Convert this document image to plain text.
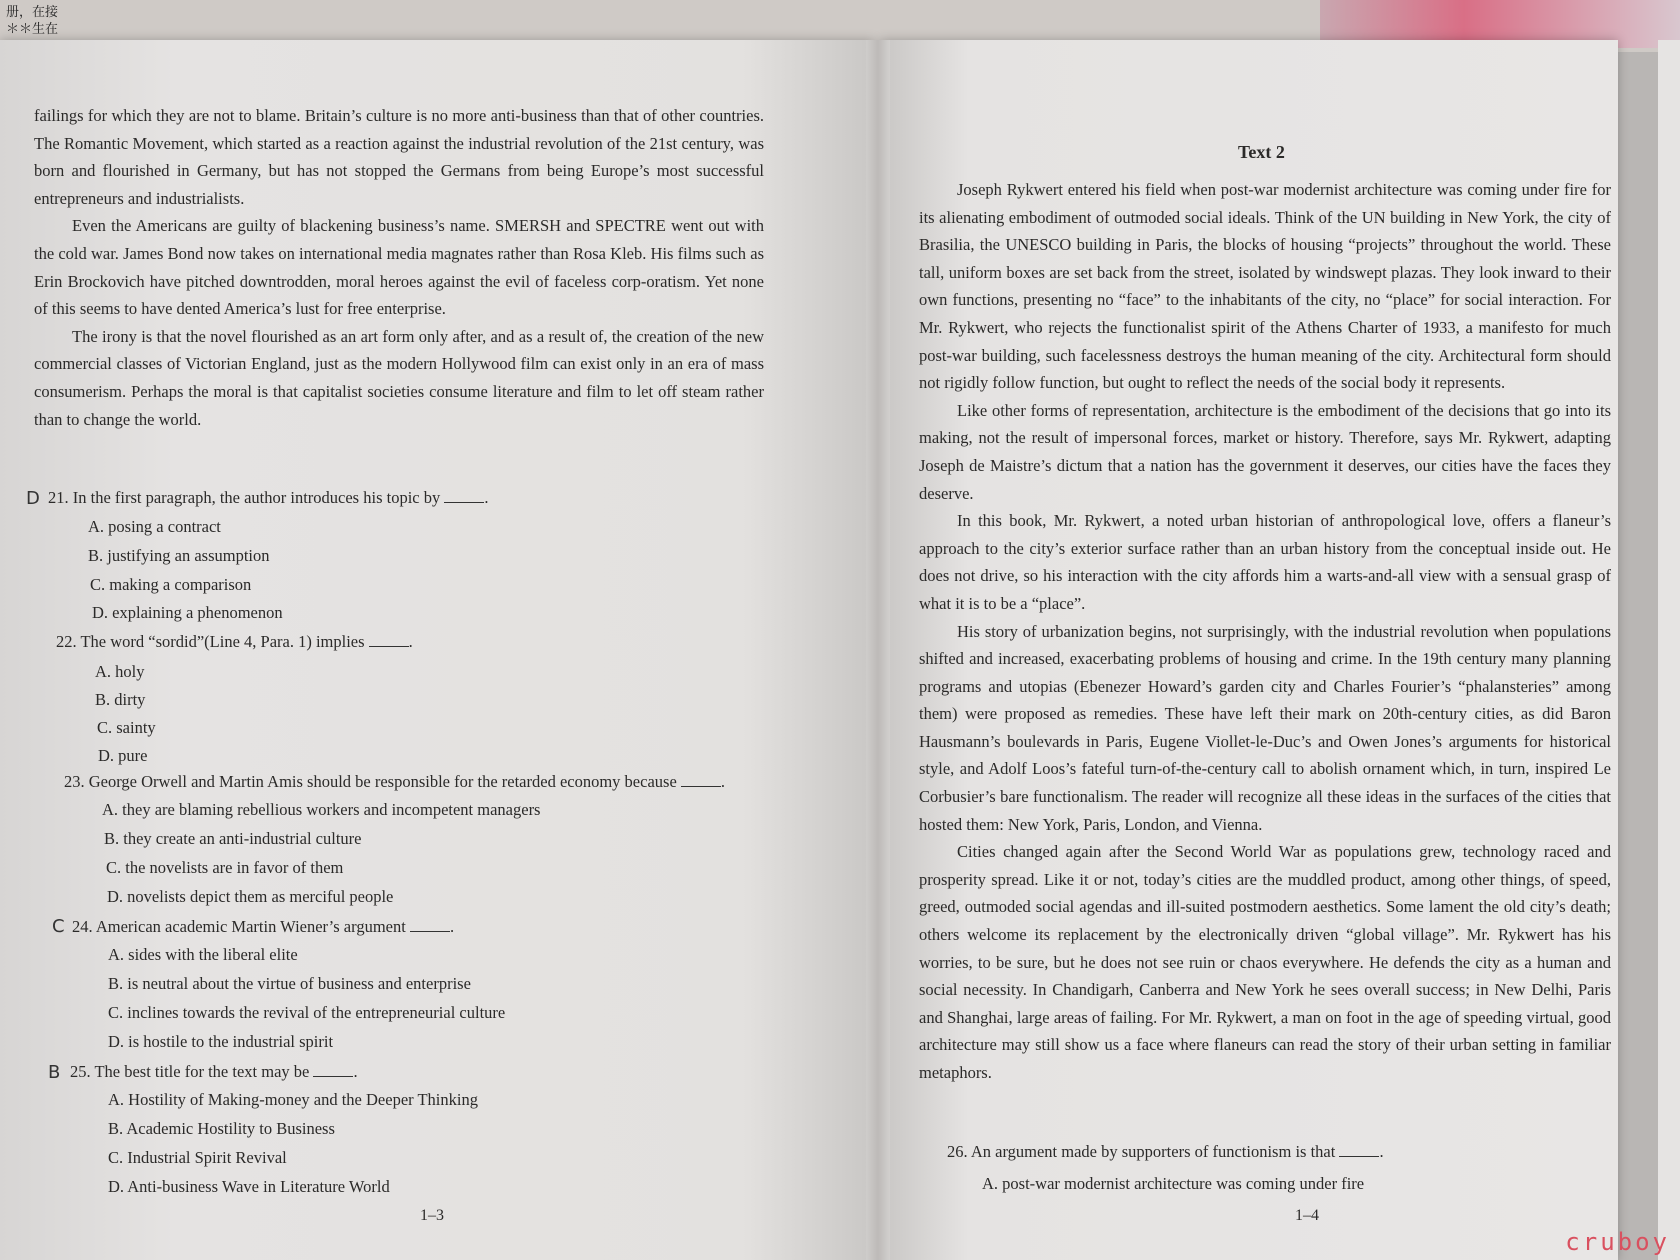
册，在接
＊＊生在

failings for which they are not to blame. Britain’s culture is no more anti-business than that of other countries. The Romantic Movement, which started as a reaction against the industrial revolution of the 21st century, was born and flourished in Germany, but has not stopped the Germans from being Europe’s most successful entrepreneurs and industrialists.

Even the Americans are guilty of blackening business’s name. SMERSH and SPECTRE went out with the cold war. James Bond now takes on international media magnates rather than Rosa Kleb. His films such as Erin Brockovich have pitched downtrodden, moral heroes against the evil of faceless corp-oratism. Yet none of this seems to have dented America’s lust for free enterprise.

The irony is that the novel flourished as an art form only after, and as a result of, the creation of the new commercial classes of Victorian England, just as the modern Hollywood film can exist only in an era of mass consumerism. Perhaps the moral is that capitalist societies consume literature and film to let off steam rather than to change the world.

D 21. In the first paragraph, the author introduces his topic by	.
A. posing a contract
B. justifying an assumption
C. making a comparison
D. explaining a phenomenon
22. The word “sordid”(Line 4, Para. 1) implies	.
A. holy
B. dirty
C. sainty
D. pure
23. George Orwell and Martin Amis should be responsible for the retarded economy because	.
A. they are blaming rebellious workers and incompetent managers
B. they create an anti-industrial culture
C. the novelists are in favor of them
D. novelists depict them as merciful people
C 24. American academic Martin Wiener’s argument	.
A. sides with the liberal elite
B. is neutral about the virtue of business and enterprise
C. inclines towards the revival of the entrepreneurial culture
D. is hostile to the industrial spirit
B 25. The best title for the text may be	.
A. Hostility of Making-money and the Deeper Thinking
B. Academic Hostility to Business
C. Industrial Spirit Revival
D. Anti-business Wave in Literature World
1–3
Text 2

Joseph Rykwert entered his field when post-war modernist architecture was coming under fire for its alienating embodiment of outmoded social ideals. Think of the UN building in New York, the city of Brasilia, the UNESCO building in Paris, the blocks of housing “projects” throughout the world. These tall, uniform boxes are set back from the street, isolated by windswept plazas. They look inward to their own functions, presenting no “face” to the inhabitants of the city, no “place” for social interaction. For Mr. Rykwert, who rejects the functionalist spirit of the Athens Charter of 1933, a manifesto for much post-war building, such facelessness destroys the human meaning of the city. Architectural form should not rigidly follow function, but ought to reflect the needs of the social body it represents.

Like other forms of representation, architecture is the embodiment of the decisions that go into its making, not the result of impersonal forces, market or history. Therefore, says Mr. Rykwert, adapting Joseph de Maistre’s dictum that a nation has the government it deserves, our cities have the faces they deserve.

In this book, Mr. Rykwert, a noted urban historian of anthropological love, offers a flaneur’s approach to the city’s exterior surface rather than an urban history from the conceptual inside out. He does not drive, so his interaction with the city affords him a warts-and-all view with a sensual grasp of what it is to be a “place”.

His story of urbanization begins, not surprisingly, with the industrial revolution when populations shifted and increased, exacerbating problems of housing and crime. In the 19th century many planning programs and utopias (Ebenezer Howard’s garden city and Charles Fourier’s “phalansteries” among them) were proposed as remedies. These have left their mark on 20th-century cities, as did Baron Hausmann’s boulevards in Paris, Eugene Viollet-le-Duc’s and Owen Jones’s arguments for historical style, and Adolf Loos’s fateful turn-of-the-century call to abolish ornament which, in turn, inspired Le Corbusier’s bare functionalism. The reader will recognize all these ideas in the surfaces of the cities that hosted them: New York, Paris, London, and Vienna.

Cities changed again after the Second World War as populations grew, technology raced and prosperity spread. Like it or not, today’s cities are the muddled product, among other things, of speed, greed, outmoded social agendas and ill-suited postmodern aesthetics. Some lament the old city’s death; others welcome its replacement by the electronically driven “global village”. Mr. Rykwert has his worries, to be sure, but he does not see ruin or chaos everywhere. He defends the city as a human and social necessity. In Chandigarh, Canberra and New York he sees overall success; in New Delhi, Paris and Shanghai, large areas of failing. For Mr. Rykwert, a man on foot in the age of speeding virtual, good architecture may still show us a face where flaneurs can read the story of their urban setting in familiar metaphors.

26. An argument made by supporters of functionism is that	.
A. post-war modernist architecture was coming under fire
1–4
cruboy
